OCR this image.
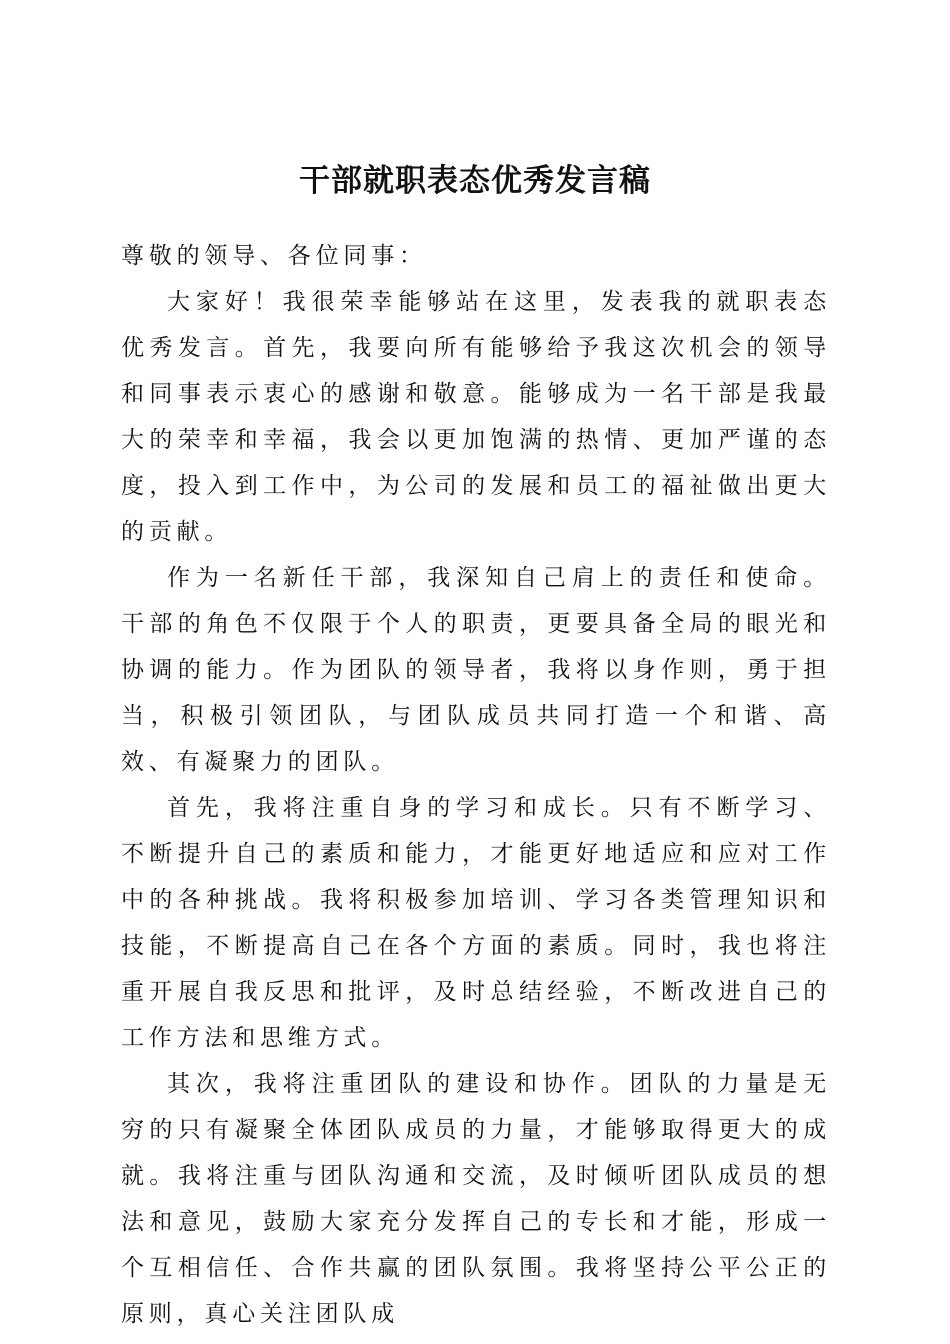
干部就职表态优秀发言稿

尊敬的领导、各位同事：

大家好！我很荣幸能够站在这里，发表我的就职表态优秀发言。首先，我要向所有能够给予我这次机会的领导和同事表示衷心的感谢和敬意。能够成为一名干部是我最大的荣幸和幸福，我会以更加饱满的热情、更加严谨的态度，投入到工作中，为公司的发展和员工的福祉做出更大的贡献。

作为一名新任干部，我深知自己肩上的责任和使命。干部的角色不仅限于个人的职责，更要具备全局的眼光和协调的能力。作为团队的领导者，我将以身作则，勇于担当，积极引领团队，与团队成员共同打造一个和谐、高效、有凝聚力的团队。

首先，我将注重自身的学习和成长。只有不断学习、不断提升自己的素质和能力，才能更好地适应和应对工作中的各种挑战。我将积极参加培训、学习各类管理知识和技能，不断提高自己在各个方面的素质。同时，我也将注重开展自我反思和批评，及时总结经验，不断改进自己的工作方法和思维方式。

其次，我将注重团队的建设和协作。团队的力量是无穷的只有凝聚全体团队成员的力量，才能够取得更大的成就。我将注重与团队沟通和交流，及时倾听团队成员的想法和意见，鼓励大家充分发挥自己的专长和才能，形成一个互相信任、合作共赢的团队氛围。我将坚持公平公正的原则，真心关注团队成
